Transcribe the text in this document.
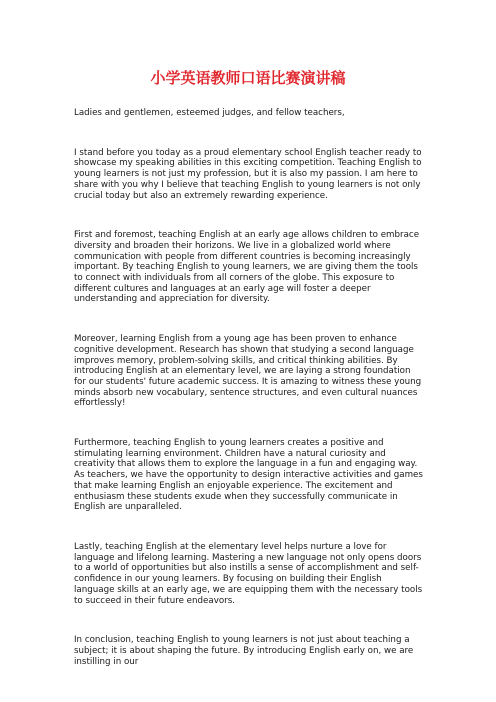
小学英语教师口语比赛演讲稿

Ladies and gentlemen, esteemed judges, and fellow teachers,

I stand before you today as a proud elementary school English teacher ready to showcase my speaking abilities in this exciting competition. Teaching English to young learners is not just my profession, but it is also my passion. I am here to share with you why I believe that teaching English to young learners is not only crucial today but also an extremely rewarding experience.

First and foremost, teaching English at an early age allows children to embrace diversity and broaden their horizons. We live in a globalized world where communication with people from different countries is becoming increasingly important. By teaching English to young learners, we are giving them the tools to connect with individuals from all corners of the globe. This exposure to different cultures and languages at an early age will foster a deeper understanding and appreciation for diversity.

Moreover, learning English from a young age has been proven to enhance cognitive development. Research has shown that studying a second language improves memory, problem-solving skills, and critical thinking abilities. By introducing English at an elementary level, we are laying a strong foundation for our students' future academic success. It is amazing to witness these young minds absorb new vocabulary, sentence structures, and even cultural nuances effortlessly!

Furthermore, teaching English to young learners creates a positive and stimulating learning environment. Children have a natural curiosity and creativity that allows them to explore the language in a fun and engaging way. As teachers, we have the opportunity to design interactive activities and games that make learning English an enjoyable experience. The excitement and enthusiasm these students exude when they successfully communicate in English are unparalleled.

Lastly, teaching English at the elementary level helps nurture a love for language and lifelong learning. Mastering a new language not only opens doors to a world of opportunities but also instills a sense of accomplishment and self-confidence in our young learners. By focusing on building their English language skills at an early age, we are equipping them with the necessary tools to succeed in their future endeavors.

In conclusion, teaching English to young learners is not just about teaching a subject; it is about shaping the future. By introducing English early on, we are instilling in our
